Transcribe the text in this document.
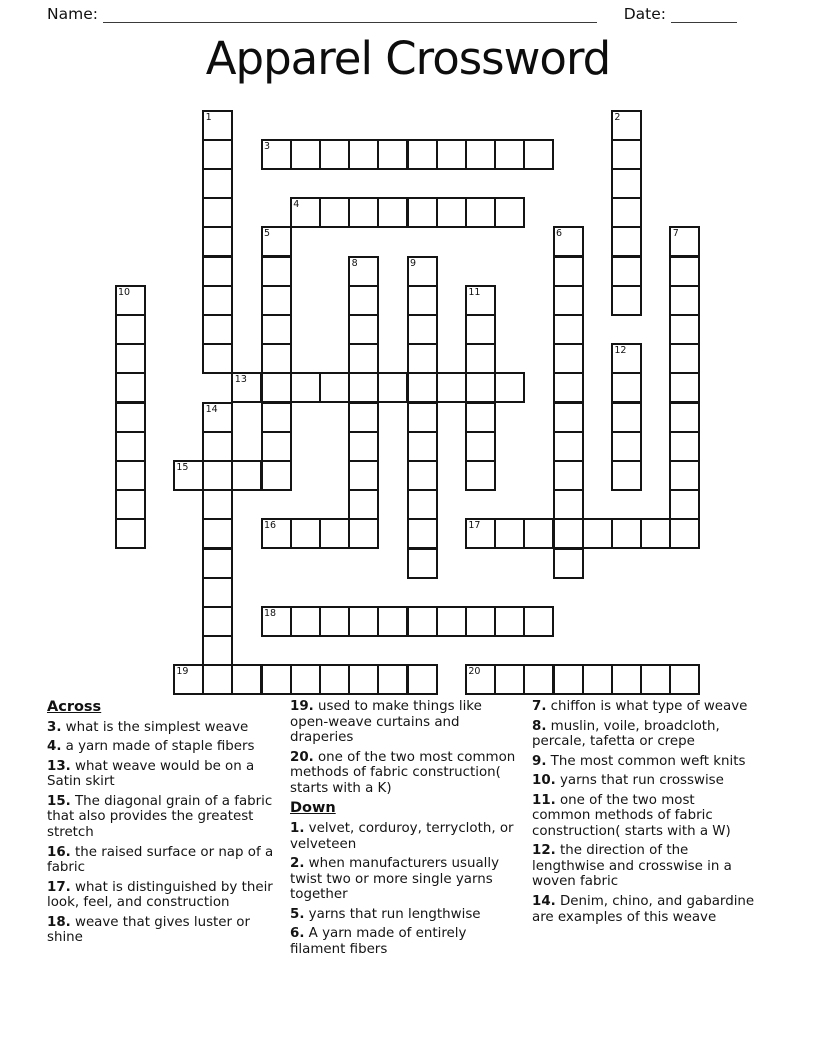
Name:	Date:
Apparel Crossword
1	2
3
4
5	6	7
8	9
10	11
12
13
14
15
16	17
18
19	20
Across
3. what is the simplest weave
4. a yarn made of staple fibers
13. what weave would be on a Satin skirt
15. The diagonal grain of a fabric that also provides the greatest stretch
16. the raised surface or nap of a fabric
17. what is distinguished by their look, feel, and construction
18. weave that gives luster or shine
19. used to make things like open-weave curtains and draperies
20. one of the two most common methods of fabric construction( starts with a K)
Down
1. velvet, corduroy, terrycloth, or velveteen
2. when manufacturers usually twist two or more single yarns together
5. yarns that run lengthwise
6. A yarn made of entirely filament fibers
7. chiffon is what type of weave
8. muslin, voile, broadcloth, percale, tafetta or crepe
9. The most common weft knits
10. yarns that run crosswise
11. one of the two most common methods of fabric construction( starts with a W)
12. the direction of the lengthwise and crosswise in a woven fabric
14. Denim, chino, and gabardine are examples of this weave
